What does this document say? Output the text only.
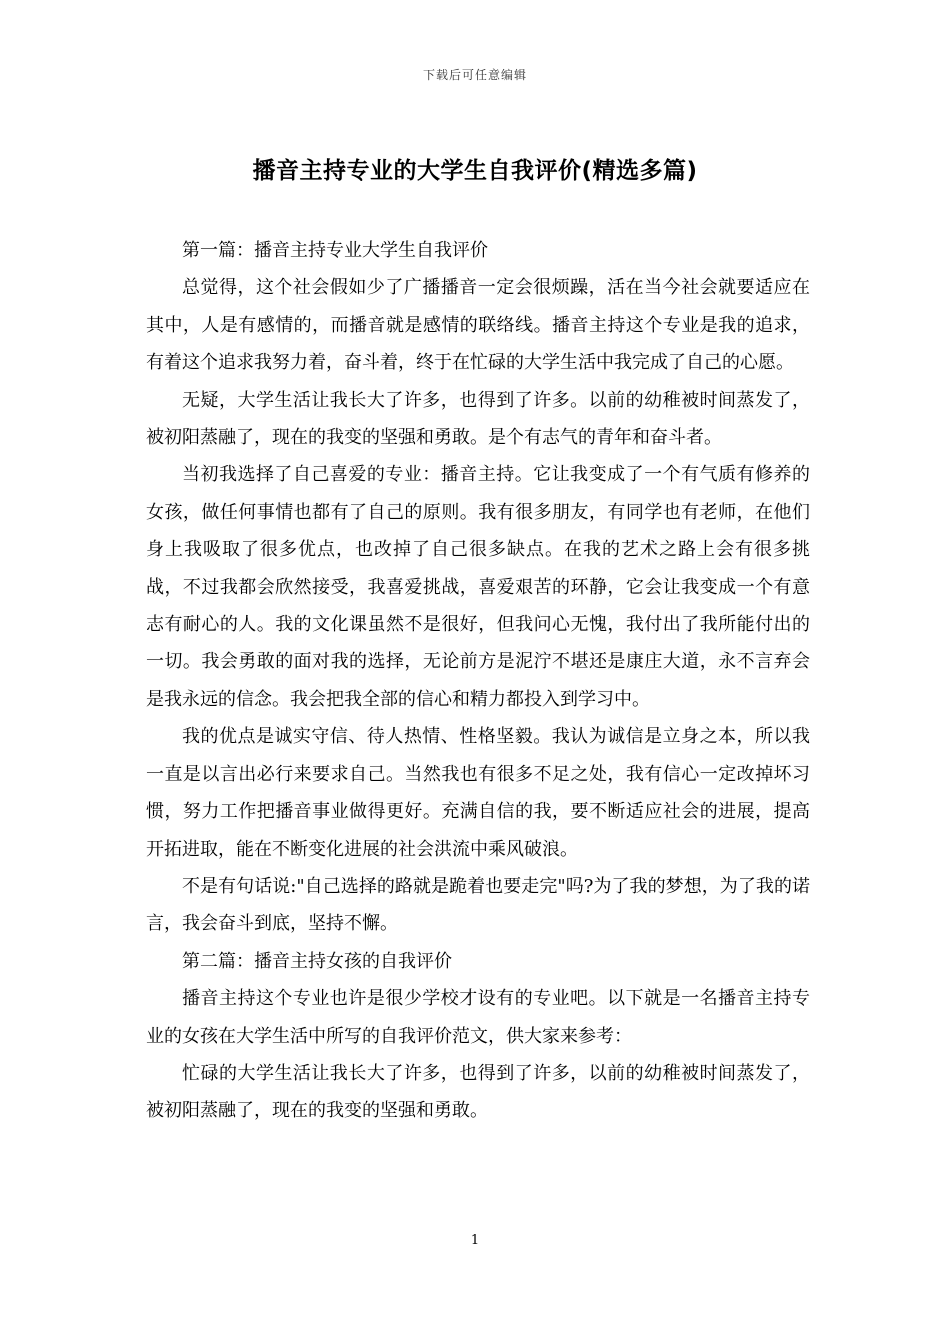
下载后可任意编辑
播音主持专业的大学生自我评价(精选多篇)

第一篇：播音主持专业大学生自我评价

总觉得，这个社会假如少了广播播音一定会很烦躁，活在当今社会就要适应在其中，人是有感情的，而播音就是感情的联络线。播音主持这个专业是我的追求，有着这个追求我努力着，奋斗着，终于在忙碌的大学生活中我完成了自己的心愿。

无疑，大学生活让我长大了许多，也得到了许多。以前的幼稚被时间蒸发了，被初阳蒸融了，现在的我变的坚强和勇敢。是个有志气的青年和奋斗者。

当初我选择了自己喜爱的专业：播音主持。它让我变成了一个有气质有修养的女孩，做任何事情也都有了自己的原则。我有很多朋友，有同学也有老师，在他们身上我吸取了很多优点，也改掉了自己很多缺点。在我的艺术之路上会有很多挑战，不过我都会欣然接受，我喜爱挑战，喜爱艰苦的环静，它会让我变成一个有意志有耐心的人。我的文化课虽然不是很好，但我问心无愧，我付出了我所能付出的一切。我会勇敢的面对我的选择，无论前方是泥泞不堪还是康庄大道，永不言弃会是我永远的信念。我会把我全部的信心和精力都投入到学习中。

我的优点是诚实守信、待人热情、性格坚毅。我认为诚信是立身之本，所以我一直是以言出必行来要求自己。当然我也有很多不足之处，我有信心一定改掉坏习惯，努力工作把播音事业做得更好。充满自信的我，要不断适应社会的进展，提高开拓进取，能在不断变化进展的社会洪流中乘风破浪。

不是有句话说:"自己选择的路就是跪着也要走完"吗?为了我的梦想，为了我的诺言，我会奋斗到底，坚持不懈。

第二篇：播音主持女孩的自我评价

播音主持这个专业也许是很少学校才设有的专业吧。以下就是一名播音主持专业的女孩在大学生活中所写的自我评价范文，供大家来参考：

忙碌的大学生活让我长大了许多，也得到了许多，以前的幼稚被时间蒸发了，被初阳蒸融了，现在的我变的坚强和勇敢。

1
